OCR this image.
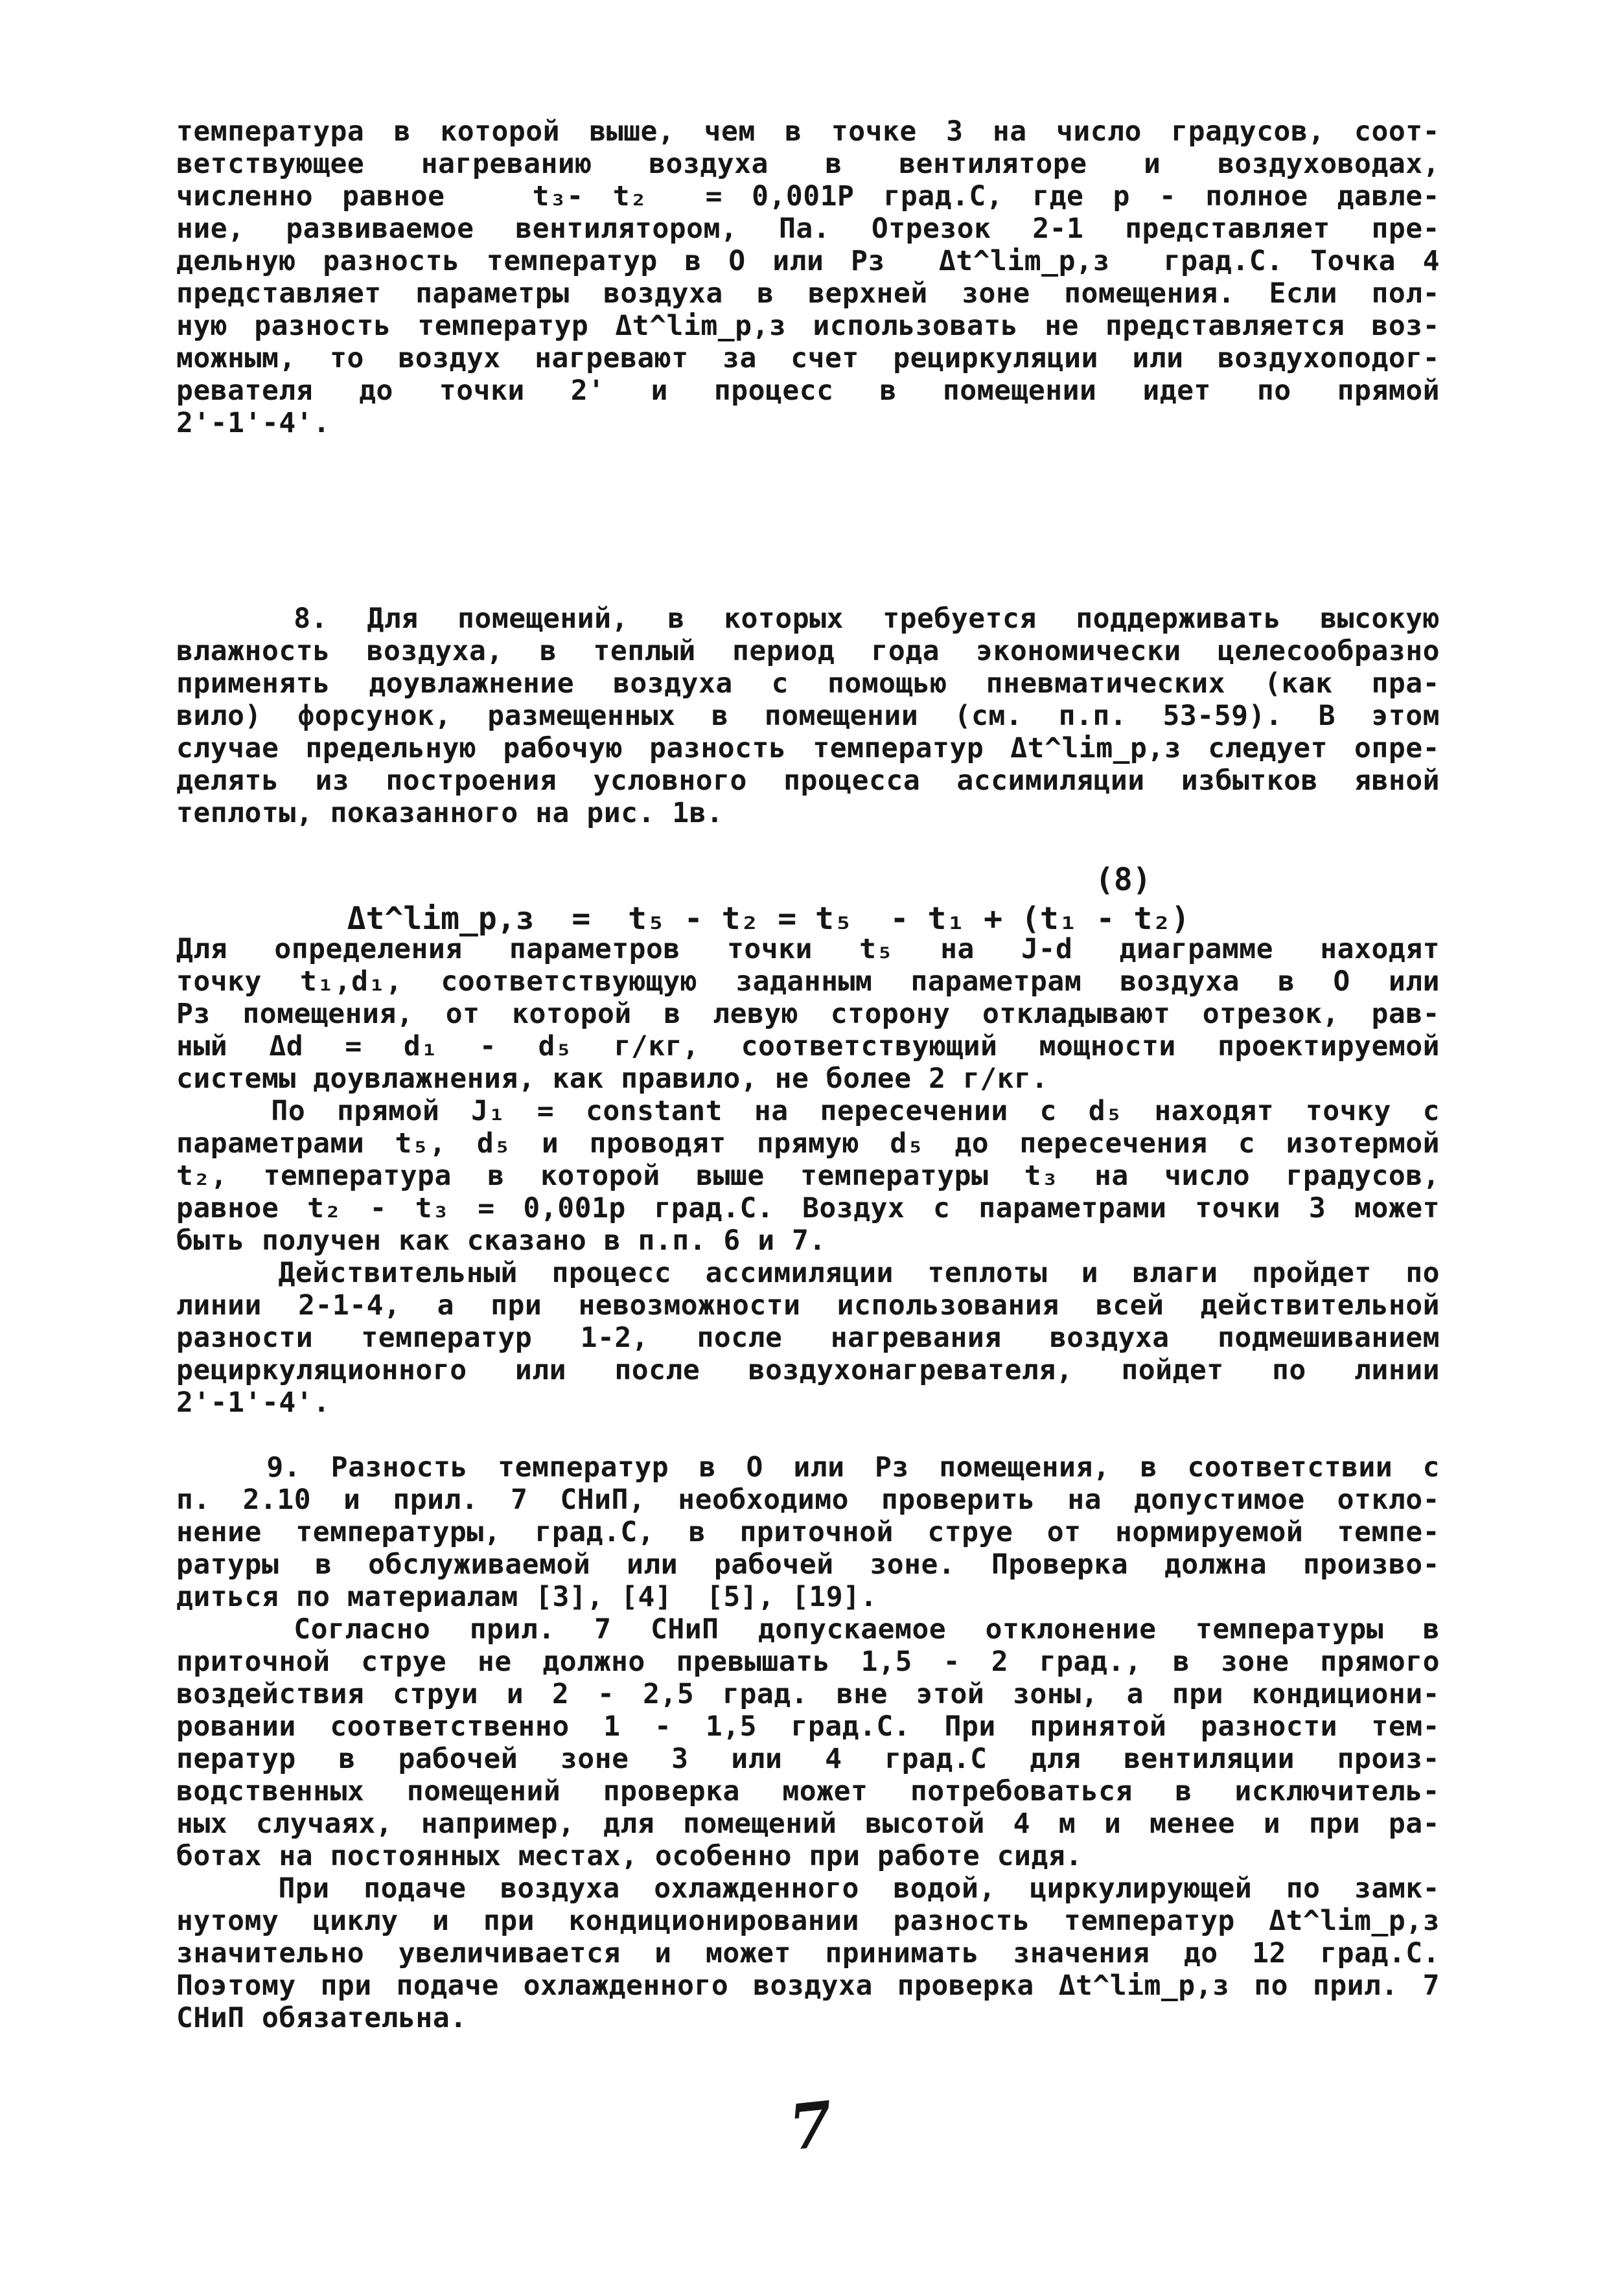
температура в которой выше, чем в точке 3 на число градусов, соот-
ветствующее нагреванию воздуха в вентиляторе и воздуховодах,
численно равное   t₃- t₂  = 0,001P град.С, где р - полное давле-
ние, развиваемое вентилятором, Па. Отрезок 2-1 представляет пре-
дельную разность температур в О или Рз  Δt^lim_р,з  град.С. Точка 4
представляет параметры воздуха в верхней зоне помещения. Если пол-
ную разность температур Δt^lim_р,з использовать не представляется воз-
можным, то воздух нагревают за счет рециркуляции или воздухоподог-
ревателя до точки 2' и процесс в помещении идет по прямой
2'-1'-4'.
8. Для помещений, в которых требуется поддерживать высокую
влажность воздуха, в теплый период года экономически целесообразно
применять доувлажнение воздуха с помощью пневматических (как пра-
вило) форсунок, размещенных в помещении (см. п.п. 53-59). В этом
случае предельную рабочую разность температур Δt^lim_р,з следует опре-
делять из построения условного процесса ассимиляции избытков явной
теплоты, показанного на рис. 1в.

Δt^lim_р,з  =  t₅ - t₂ = t₅  - t₁ + (t₁ - t₂)

(8)

Для определения параметров точки t₅ на J-d диаграмме находят
точку t₁,d₁, соответствующую заданным параметрам воздуха в О или
Рз помещения, от которой в левую сторону откладывают отрезок, рав-
ный Δd = d₁ - d₅ г/кг, соответствующий мощности проектируемой
системы доувлажнения, как правило, не более 2 г/кг.
По прямой J₁ = constant на пересечении с d₅ находят точку с
параметрами t₅, d₅ и проводят прямую d₅ до пересечения с изотермой
t₂, температура в которой выше температуры t₃ на число градусов,
равное t₂ - t₃ = 0,001р град.С. Воздух с параметрами точки 3 может
быть получен как сказано в п.п. 6 и 7.
Действительный процесс ассимиляции теплоты и влаги пройдет по
линии 2-1-4, а при невозможности использования всей действительной
разности температур 1-2, после нагревания воздуха подмешиванием
рециркуляционного или после воздухонагревателя, пойдет по линии
2'-1'-4'.
9. Разность температур в О или Рз помещения, в соответствии с
п. 2.10 и прил. 7 СНиП, необходимо проверить на допустимое откло-
нение температуры, град.С, в приточной струе от нормируемой темпе-
ратуры в обслуживаемой или рабочей зоне. Проверка должна произво-
диться по материалам [3], [4]  [5], [19].
Согласно прил. 7 СНиП допускаемое отклонение температуры в
приточной струе не должно превышать 1,5 - 2 град., в зоне прямого
воздействия струи и 2 - 2,5 град. вне этой зоны, а при кондициони-
ровании соответственно 1 - 1,5 град.С. При принятой разности тем-
ператур в рабочей зоне 3 или 4 град.С для вентиляции произ-
водственных помещений проверка может потребоваться в исключитель-
ных случаях, например, для помещений высотой 4 м и менее и при ра-
ботах на постоянных местах, особенно при работе сидя.
При подаче воздуха охлажденного водой, циркулирующей по замк-
нутому циклу и при кондиционировании разность температур Δt^lim_р,з
значительно увеличивается и может принимать значения до 12 град.С.
Поэтому при подаче охлажденного воздуха проверка Δt^lim_р,з по прил. 7
СНиП обязательна.
7
